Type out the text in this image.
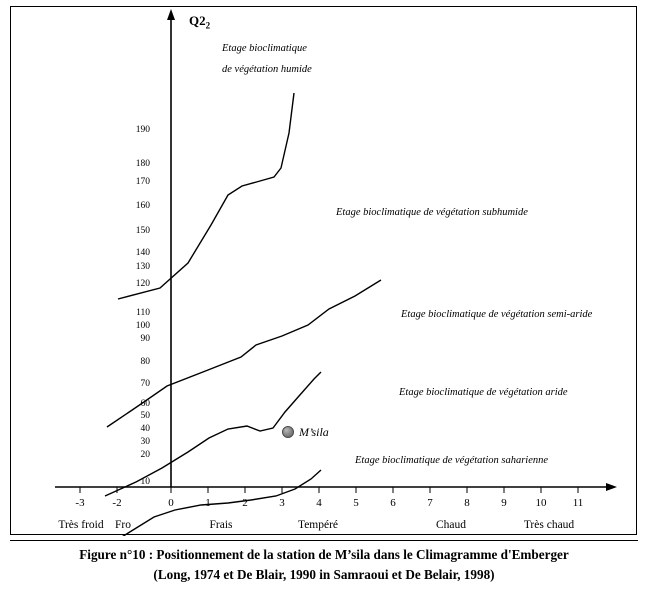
$Q2_2$
190
180
170
160
150
140
130
120
110
100
90
80
70
60
50
40
30
20
10
-3	-2	0	1	2	3	4	5	6	7	8	9	10	11
Très froid Fro	Frais	Tempéré	Chaud	Très chaud
Etage bioclimatique
de végétation humide
Etage bioclimatique de végétation subhumide
Etage bioclimatique de végétation semi-aride
Etage bioclimatique de végétation aride
Etage bioclimatique de végétation saharienne
M’sila
Figure n°10 : Positionnement de la station de M’sila dans le Climagramme d'Emberger
(Long, 1974 et De Blair, 1990 in Samraoui et De Belair, 1998)
